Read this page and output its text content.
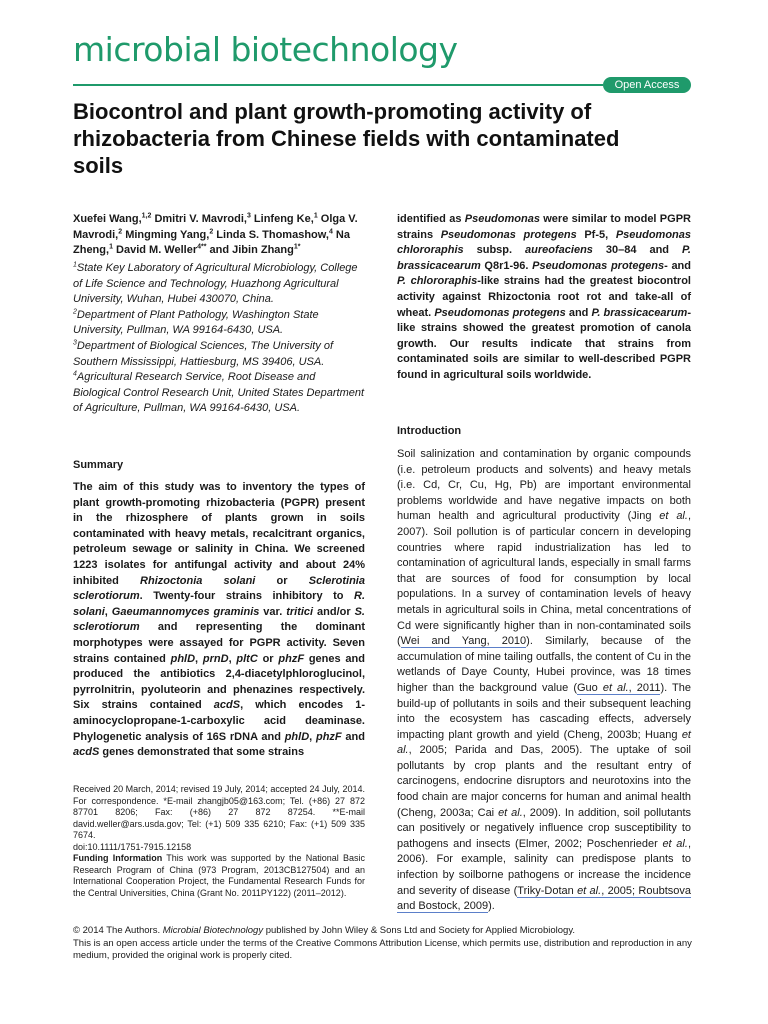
microbial biotechnology
Open Access
Biocontrol and plant growth-promoting activity of rhizobacteria from Chinese fields with contaminated soils
Xuefei Wang,$^{1,2}$ Dmitri V. Mavrodi,$^3$ Linfeng Ke,$^1$ Olga V. Mavrodi,$^2$ Mingming Yang,$^2$ Linda S. Thomashow,$^4$ Na Zheng,$^1$ David M. Weller$^{4**}$ and Jibin Zhang$^{1*}$
$^1$State Key Laboratory of Agricultural Microbiology, College of Life Science and Technology, Huazhong Agricultural University, Wuhan, Hubei 430070, China.
$^2$Department of Plant Pathology, Washington State University, Pullman, WA 99164-6430, USA.
$^3$Department of Biological Sciences, The University of Southern Mississippi, Hattiesburg, MS 39406, USA.
$^4$Agricultural Research Service, Root Disease and Biological Control Research Unit, United States Department of Agriculture, Pullman, WA 99164-6430, USA.
Summary
The aim of this study was to inventory the types of plant growth-promoting rhizobacteria (PGPR) present in the rhizosphere of plants grown in soils contaminated with heavy metals, recalcitrant organics, petroleum sewage or salinity in China. We screened 1223 isolates for antifungal activity and about 24% inhibited Rhizoctonia solani or Sclerotinia sclerotiorum. Twenty-four strains inhibitory to R. solani, Gaeumannomyces graminis var. tritici and/or S. sclerotiorum and representing the dominant morphotypes were assayed for PGPR activity. Seven strains contained phlD, prnD, pltC or phzF genes and produced the antibiotics 2,4-diacetylphloroglucinol, pyrrolnitrin, pyoluteorin and phenazines respectively. Six strains contained acdS, which encodes 1-aminocyclopropane-1-carboxylic acid deaminase. Phylogenetic analysis of 16S rDNA and phlD, phzF and acdS genes demonstrated that some strains
Received 20 March, 2014; revised 19 July, 2014; accepted 24 July, 2014. For correspondence. *E-mail zhangjb05@163.com; Tel. (+86) 27 872 87701 8206; Fax: (+86) 27 872 87254. **E-mail david.weller@ars.usda.gov; Tel: (+1) 509 335 6210; Fax: (+1) 509 335 7674.
doi:10.1111/1751-7915.12158
Funding Information This work was supported by the National Basic Research Program of China (973 Program, 2013CB127504) and an International Cooperation Project, the Fundamental Research Funds for the Central Universities, China (Grant No. 2011PY122) (2011–2012).
identified as Pseudomonas were similar to model PGPR strains Pseudomonas protegens Pf-5, Pseudomonas chlororaphis subsp. aureofaciens 30–84 and P. brassicacearum Q8r1-96. Pseudomonas protegens- and P. chlororaphis-like strains had the greatest biocontrol activity against Rhizoctonia root rot and take-all of wheat. Pseudomonas protegens and P. brassicacearum-like strains showed the greatest promotion of canola growth. Our results indicate that strains from contaminated soils are similar to well-described PGPR found in agricultural soils worldwide.
Introduction
Soil salinization and contamination by organic compounds (i.e. petroleum products and solvents) and heavy metals (i.e. Cd, Cr, Cu, Hg, Pb) are important environmental problems worldwide and have negative impacts on both human health and agricultural productivity (Jing et al., 2007). Soil pollution is of particular concern in developing countries where rapid industrialization has led to contamination of agricultural lands, especially in small farms that are sources of food for consumption by local populations. In a survey of contamination levels of heavy metals in agricultural soils in China, metal concentrations of Cd were significantly higher than in non-contaminated soils (Wei and Yang, 2010). Similarly, because of the accumulation of mine tailing outfalls, the content of Cu in the wetlands of Daye County, Hubei province, was 18 times higher than the background value (Guo et al., 2011). The build-up of pollutants in soils and their subsequent leaching into the ecosystem has cascading effects, adversely impacting plant growth and yield (Cheng, 2003b; Huang et al., 2005; Parida and Das, 2005). The uptake of soil pollutants by crop plants and the resultant entry of carcinogens, endocrine disruptors and neurotoxins into the food chain are major concerns for human and animal health (Cheng, 2003a; Cai et al., 2009). In addition, soil pollutants can positively or negatively influence crop susceptibility to pathogens and insects (Elmer, 2002; Poschenrieder et al., 2006). For example, salinity can predispose plants to infection by soilborne pathogens or increase the incidence and severity of disease (Triky-Dotan et al., 2005; Roubtsova and Bostock, 2009).
© 2014 The Authors. Microbial Biotechnology published by John Wiley & Sons Ltd and Society for Applied Microbiology.
This is an open access article under the terms of the Creative Commons Attribution License, which permits use, distribution and reproduction in any medium, provided the original work is properly cited.
